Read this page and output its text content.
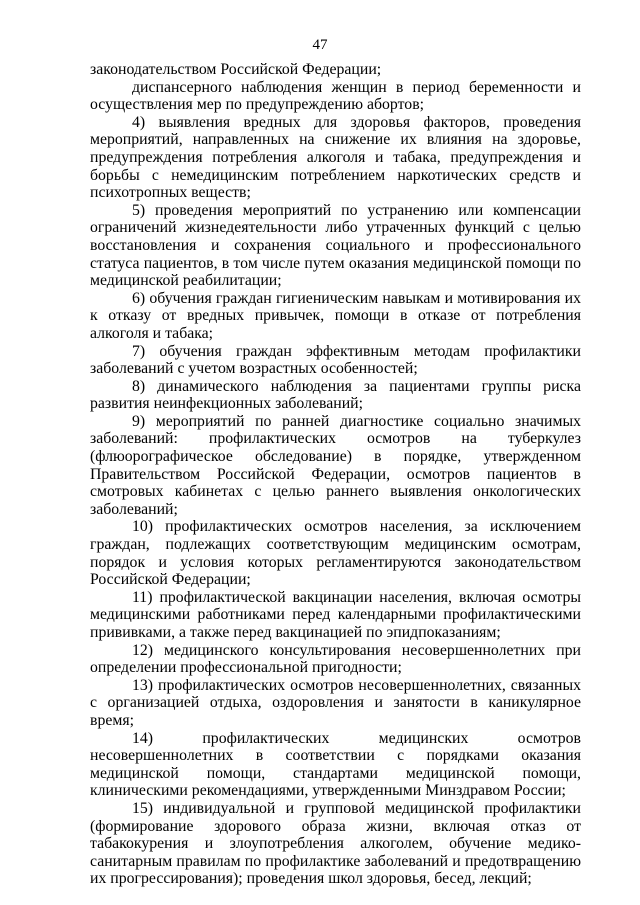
47

законодательством Российской Федерации;

диспансерного наблюдения женщин в период беременности и осуществления мер по предупреждению абортов;

4) выявления вредных для здоровья факторов, проведения мероприятий, направленных на снижение их влияния на здоровье, предупреждения потребления алкоголя и табака, предупреждения и борьбы с немедицинским потреблением наркотических средств и психотропных веществ;

5) проведения мероприятий по устранению или компенсации ограничений жизнедеятельности либо утраченных функций с целью восстановления и сохранения социального и профессионального статуса пациентов, в том числе путем оказания медицинской помощи по медицинской реабилитации;

6) обучения граждан гигиеническим навыкам и мотивирования их к отказу от вредных привычек, помощи в отказе от потребления алкоголя и табака;

7) обучения граждан эффективным методам профилактики заболеваний с учетом возрастных особенностей;

8) динамического наблюдения за пациентами группы риска развития неинфекционных заболеваний;

9) мероприятий по ранней диагностике социально значимых заболеваний: профилактических осмотров на туберкулез (флюорографическое обследование) в порядке, утвержденном Правительством Российской Федерации, осмотров пациентов в смотровых кабинетах с целью раннего выявления онкологических заболеваний;

10) профилактических осмотров населения, за исключением граждан, подлежащих соответствующим медицинским осмотрам, порядок и условия которых регламентируются законодательством Российской Федерации;

11) профилактической вакцинации населения, включая осмотры медицинскими работниками перед календарными профилактическими прививками, а также перед вакцинацией по эпидпоказаниям;

12) медицинского консультирования несовершеннолетних при определении профессиональной пригодности;

13) профилактических осмотров несовершеннолетних, связанных с организацией отдыха, оздоровления и занятости в каникулярное время;

14) профилактических медицинских осмотров несовершеннолетних в соответствии с порядками оказания медицинской помощи, стандартами медицинской помощи, клиническими рекомендациями, утвержденными Минздравом России;

15) индивидуальной и групповой медицинской профилактики (формирование здорового образа жизни, включая отказ от табакокурения и злоупотребления алкоголем, обучение медико-санитарным правилам по профилактике заболеваний и предотвращению их прогрессирования); проведения школ здоровья, бесед, лекций;
